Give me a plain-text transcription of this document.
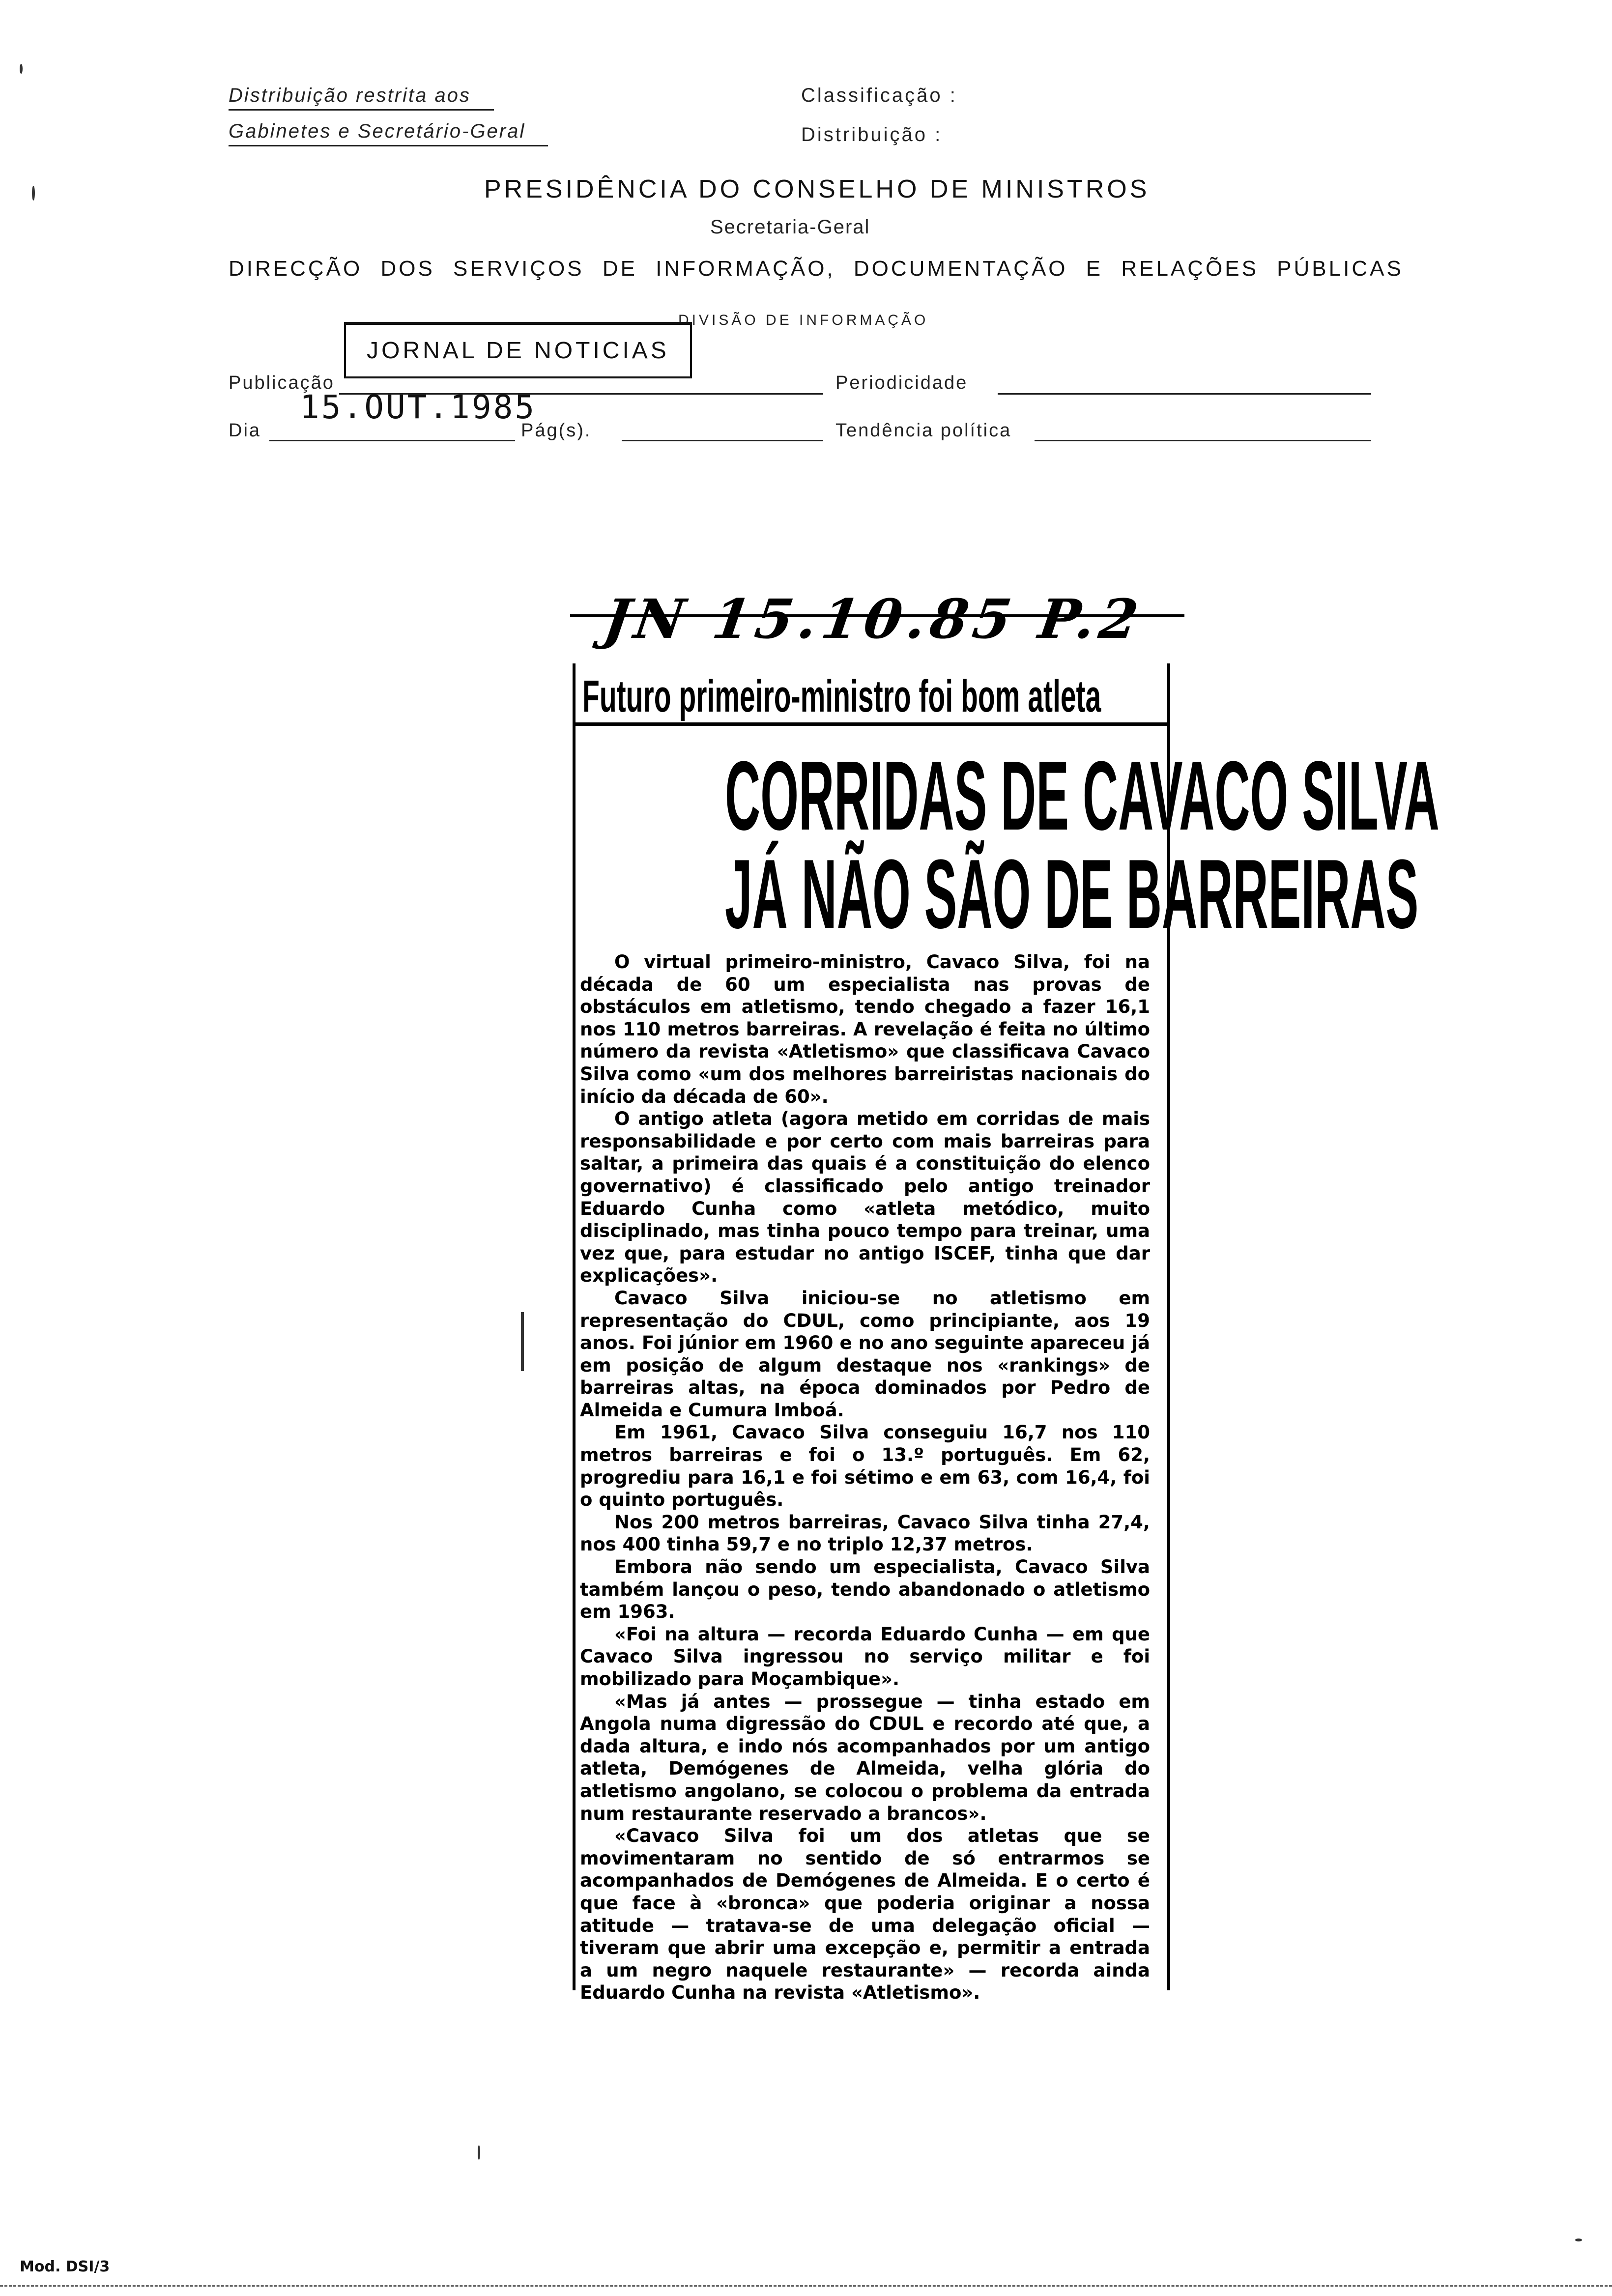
Distribuição restrita aos
Gabinetes e Secretário-Geral
Classificação :
Distribuição :
PRESIDÊNCIA DO CONSELHO DE MINISTROS
Secretaria-Geral
DIRECÇÃO DOS SERVIÇOS DE INFORMAÇÃO, DOCUMENTAÇÃO E RELAÇÕES PÚBLICAS
DIVISÃO DE INFORMAÇÃO
JORNAL DE NOTICIAS
Publicação	Periodicidade
15.OUT.1985
Dia	Pág(s).	Tendência política
JN 15.10.85 P.2
Futuro primeiro-ministro foi bom atleta
CORRIDAS DE CAVACO SILVA
JÁ NÃO SÃO DE BARREIRAS

O virtual primeiro-ministro, Cavaco Silva, foi na década de 60 um especialista nas provas de obstáculos em atletismo, tendo chegado a fazer 16,1 nos 110 metros barreiras. A revelação é feita no último número da revista «Atletismo» que classificava Cavaco Silva como «um dos melhores barreiristas nacionais do início da década de 60».

O antigo atleta (agora metido em corridas de mais responsabilidade e por certo com mais barreiras para saltar, a primeira das quais é a constituição do elenco governativo) é classificado pelo antigo treinador Eduardo Cunha como «atleta metódico, muito disciplinado, mas tinha pouco tempo para treinar, uma vez que, para estudar no antigo ISCEF, tinha que dar explicações».

Cavaco Silva iniciou-se no atletismo em representação do CDUL, como principiante, aos 19 anos. Foi júnior em 1960 e no ano seguinte apareceu já em posição de algum destaque nos «rankings» de barreiras altas, na época dominados por Pedro de Almeida e Cumura Imboá.

Em 1961, Cavaco Silva conseguiu 16,7 nos 110 metros barreiras e foi o 13.º português. Em 62, progrediu para 16,1 e foi sétimo e em 63, com 16,4, foi o quinto português.

Nos 200 metros barreiras, Cavaco Silva tinha 27,4, nos 400 tinha 59,7 e no triplo 12,37 metros.

Embora não sendo um especialista, Cavaco Silva também lançou o peso, tendo abandonado o atletismo em 1963.

«Foi na altura — recorda Eduardo Cunha — em que Cavaco Silva ingressou no serviço militar e foi mobilizado para Moçambique».

«Mas já antes — prossegue — tinha estado em Angola numa digressão do CDUL e recordo até que, a dada altura, e indo nós acompanhados por um antigo atleta, Demógenes de Almeida, velha glória do atletismo angolano, se colocou o problema da entrada num restaurante reservado a brancos».

«Cavaco Silva foi um dos atletas que se movimentaram no sentido de só entrarmos se acompanhados de Demógenes de Almeida. E o certo é que face à «bronca» que poderia originar a nossa atitude — tratava-se de uma delegação oficial — tiveram que abrir uma excepção e, permitir a entrada a um negro naquele restaurante» — recorda ainda Eduardo Cunha na revista «Atletismo».

Mod. DSI/3
